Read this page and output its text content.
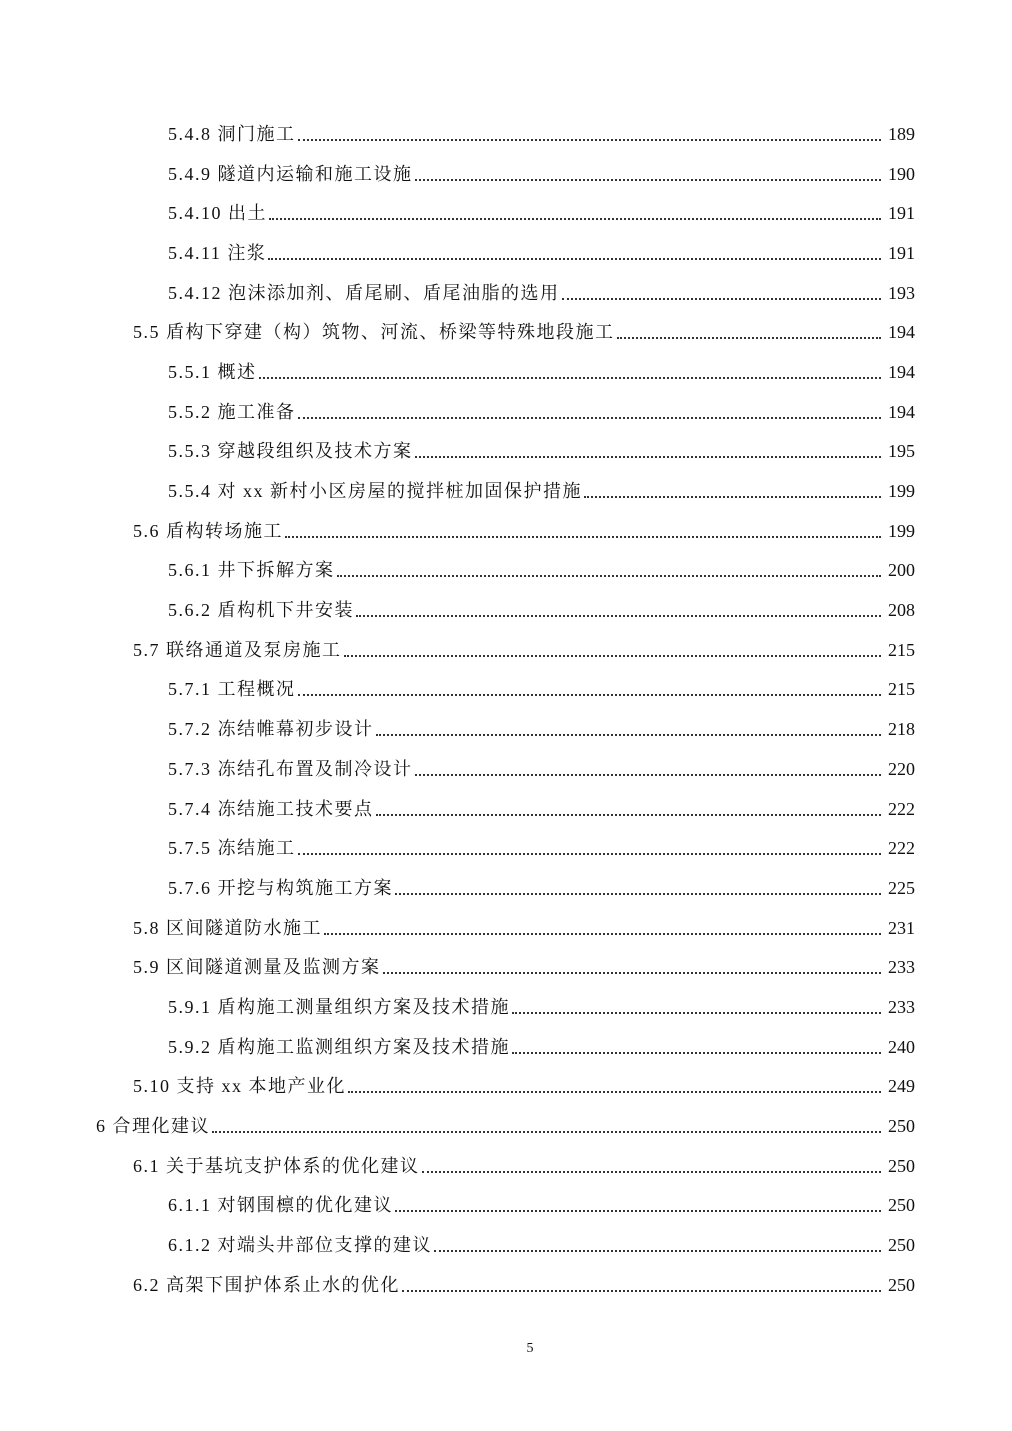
5.4.8 洞门施工	189
5.4.9 隧道内运输和施工设施	190
5.4.10 出土	191
5.4.11 注浆	191
5.4.12 泡沫添加剂、盾尾刷、盾尾油脂的选用	193
5.5 盾构下穿建（构）筑物、河流、桥梁等特殊地段施工	194
5.5.1 概述	194
5.5.2 施工准备	194
5.5.3 穿越段组织及技术方案	195
5.5.4 对 xx 新村小区房屋的搅拌桩加固保护措施	199
5.6 盾构转场施工	199
5.6.1 井下拆解方案	200
5.6.2 盾构机下井安装	208
5.7 联络通道及泵房施工	215
5.7.1 工程概况	215
5.7.2 冻结帷幕初步设计	218
5.7.3 冻结孔布置及制冷设计	220
5.7.4 冻结施工技术要点	222
5.7.5 冻结施工	222
5.7.6 开挖与构筑施工方案	225
5.8 区间隧道防水施工	231
5.9 区间隧道测量及监测方案	233
5.9.1 盾构施工测量组织方案及技术措施	233
5.9.2 盾构施工监测组织方案及技术措施	240
5.10 支持 xx 本地产业化	249
6 合理化建议	250
6.1 关于基坑支护体系的优化建议	250
6.1.1 对钢围檩的优化建议	250
6.1.2 对端头井部位支撑的建议	250
6.2 高架下围护体系止水的优化	250
5
